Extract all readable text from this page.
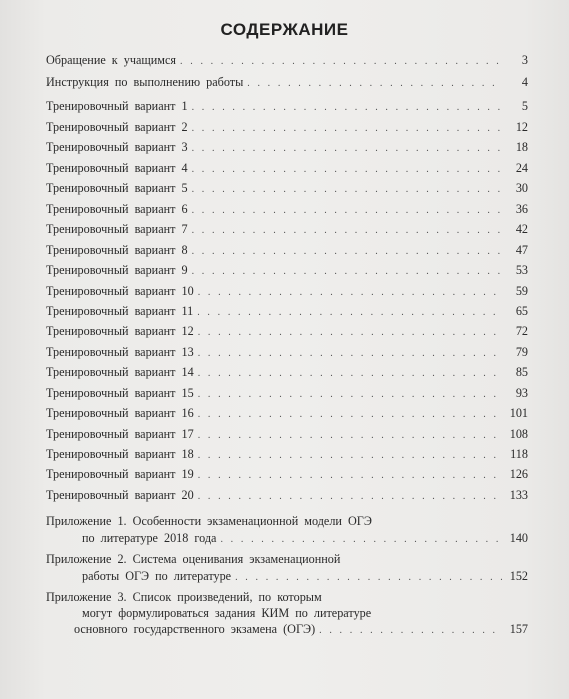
СОДЕРЖАНИЕ
Обращение к учащимся . . .	3
Инструкция по выполнению работы . . .	4
Тренировочный вариант 1 . . .	5
Тренировочный вариант 2 . . .	12
Тренировочный вариант 3 . . .	18
Тренировочный вариант 4 . . .	24
Тренировочный вариант 5 . . .	30
Тренировочный вариант 6 . . .	36
Тренировочный вариант 7 . . .	42
Тренировочный вариант 8 . . .	47
Тренировочный вариант 9 . . .	53
Тренировочный вариант 10 . . .	59
Тренировочный вариант 11 . . .	65
Тренировочный вариант 12 . . .	72
Тренировочный вариант 13 . . .	79
Тренировочный вариант 14 . . .	85
Тренировочный вариант 15 . . .	93
Тренировочный вариант 16 . . .	101
Тренировочный вариант 17 . . .	108
Тренировочный вариант 18 . . .	118
Тренировочный вариант 19 . . .	126
Тренировочный вариант 20 . . .	133
Приложение 1. Особенности экзаменационной модели ОГЭ
по литературе 2018 года . . .	140
Приложение 2. Система оценивания экзаменационной
работы ОГЭ по литературе . . .	152
Приложение 3. Список произведений, по которым
могут формулироваться задания КИМ по литературе
основного государственного экзамена (ОГЭ) . . .	157
